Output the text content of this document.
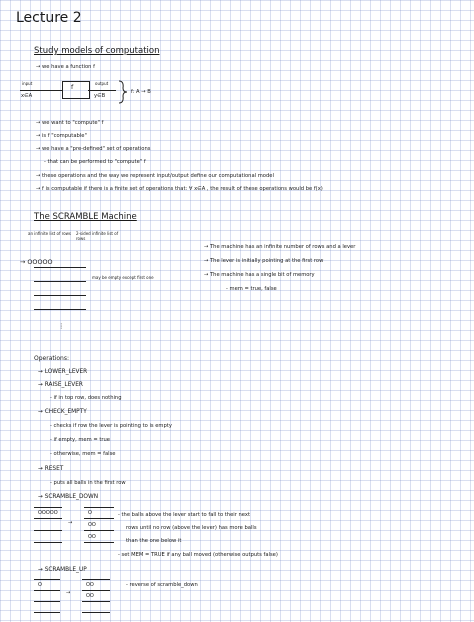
Lecture 2
Study models of computation
→ we have a function f
input
x∈A
f	output
y∈B
f: A → B
→ we want to "compute" f
→ is f "computable"
→ we have a "pre-defined" set of operations
- that can be performed to "compute" f
→ these operations and the way we represent input/output define our computational model
→ f is computable if there is a finite set of operations that: ∀ x∈A , the result of these operations would be f(x)
The SCRAMBLE Machine
an infinite list of rows 2-sided infinite list of rows
→ OOOOO
may be empty except first one
⋮
→ The machine has an infinite number of rows and a lever
→ The lever is initially pointing at the first row
→ The machine has a single bit of memory
- mem = true, false
Operations:
→ LOWER_LEVER
→ RAISE_LEVER
- if in top row, does nothing
→ CHECK_EMPTY
- checks if row the lever is pointing to is empty
- if empty, mem = true
- otherwise, mem = false
→ RESET
- puts all balls in the first row
→ SCRAMBLE_DOWN
OOOOO
→
O
OO
OO
- the balls above the lever start to fall to their next
rows until no row (above the lever) has more balls
than the one below it
- set MEM = TRUE if any ball moved (otherwise outputs false)
→ SCRAMBLE_UP
O
→
OO
OO
- reverse of scramble_down
